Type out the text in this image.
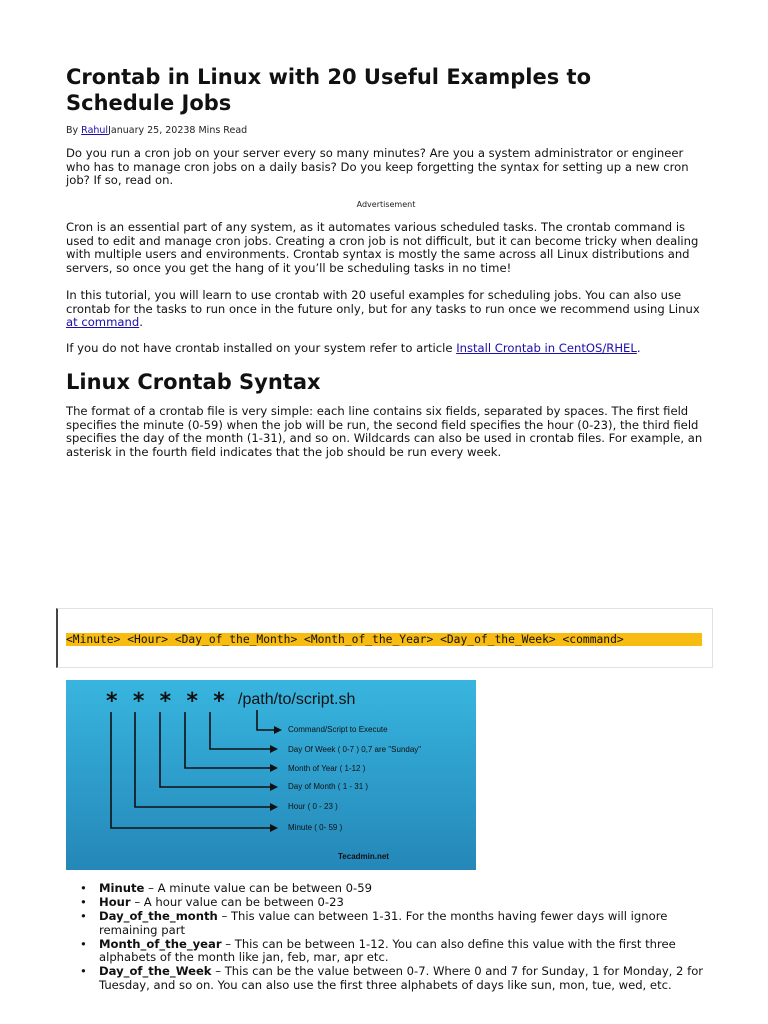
Crontab in Linux with 20 Useful Examples to Schedule Jobs
By RahulJanuary 25, 20238 Mins Read

Do you run a cron job on your server every so many minutes? Are you a system administrator or engineer who has to manage cron jobs on a daily basis? Do you keep forgetting the syntax for setting up a new cron job? If so, read on.

Advertisement

Cron is an essential part of any system, as it automates various scheduled tasks. The crontab command is used to edit and manage cron jobs. Creating a cron job is not difficult, but it can become tricky when dealing with multiple users and environments. Crontab syntax is mostly the same across all Linux distributions and servers, so once you get the hang of it you’ll be scheduling tasks in no time!

In this tutorial, you will learn to use crontab with 20 useful examples for scheduling jobs. You can also use crontab for the tasks to run once in the future only, but for any tasks to run once we recommend using Linux at command.

If you do not have crontab installed on your system refer to article Install Crontab in CentOS/RHEL.

Linux Crontab Syntax

The format of a crontab file is very simple: each line contains six fields, separated by spaces. The first field specifies the minute (0-59) when the job will be run, the second field specifies the hour (0-23), the third field specifies the day of the month (1-31), and so on. Wildcards can also be used in crontab files. For example, an asterisk in the fourth field indicates that the job should be run every week.

<Minute> <Hour> <Day_of_the_Month> <Month_of_the_Year> <Day_of_the_Week> <command>
*  *  *  *  * /path/to/script.sh
Command/Script to Execute
Day Of Week ( 0-7 ) 0,7 are "Sunday"
Month of Year ( 1-12 )
Day of Month ( 1 - 31 )
Hour ( 0 - 23 )
Minute ( 0- 59 )
Tecadmin.net
• Minute – A minute value can be between 0-59
• Hour – A hour value can be between 0-23
• Day_of_the_month – This value can between 1-31. For the months having fewer days will ignore remaining part
• Month_of_the_year – This can be between 1-12. You can also define this value with the first three alphabets of the month like jan, feb, mar, apr etc.
• Day_of_the_Week – This can be the value between 0-7. Where 0 and 7 for Sunday, 1 for Monday, 2 for Tuesday, and so on. You can also use the first three alphabets of days like sun, mon, tue, wed, etc.
